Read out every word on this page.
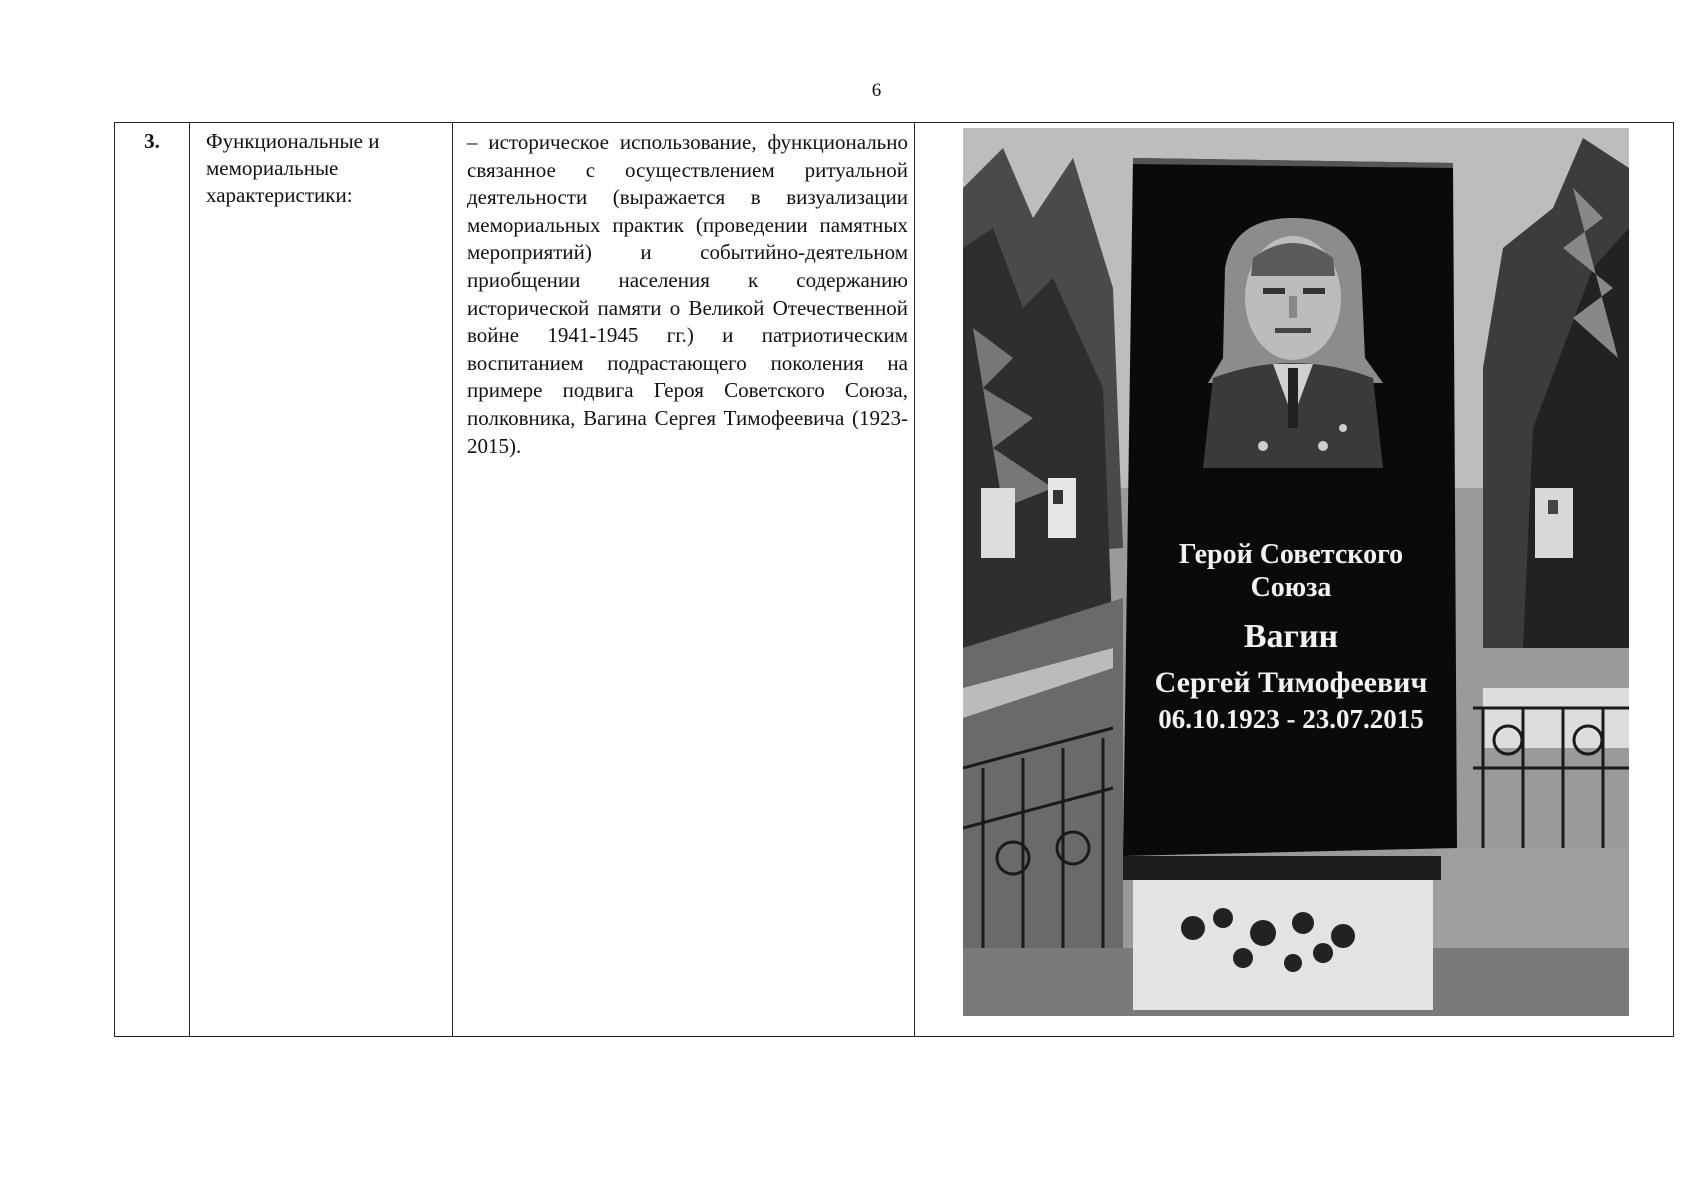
6
3.	Функциональные и мемориальные характеристики:	– историческое использование, функционально связанное с осуществлением ритуальной деятельности (выражается в визуализации мемориальных практик (проведении памятных мероприятий) и событийно-деятельном приобщении населения к содержанию исторической памяти о Великой Отечественной войне 1941-1945 гг.) и патриотическим воспитанием подрастающего поколения на примере подвига Героя Советского Союза, полковника, Вагина Сергея Тимофеевича (1923-2015).	
Герой Советского
Союза
Вагин
Сергей Тимофеевич
06.10.1923 - 23.07.2015
